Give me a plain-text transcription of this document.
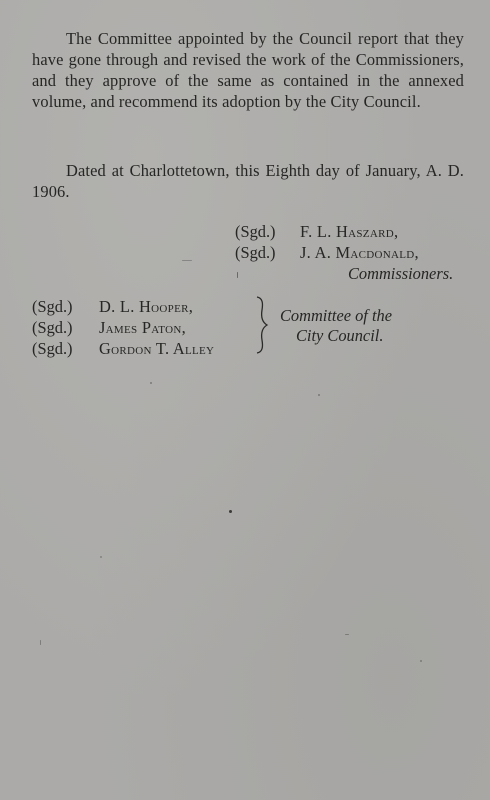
The Committee appointed by the Council report that they have gone through and revised the work of the Commissioners, and they approve of the same as contained in the annexed volume, and recommend its adoption by the City Council.

Dated at Charlottetown, this Eighth day of January, A. D. 1906.

(Sgd.) F. L. Haszard,
(Sgd.) J. A. Macdonald,
Commissioners.
(Sgd.) D. L. Hooper,
(Sgd.) James Paton,
(Sgd.) Gordon T. Alley
Committee of the
City Council.
